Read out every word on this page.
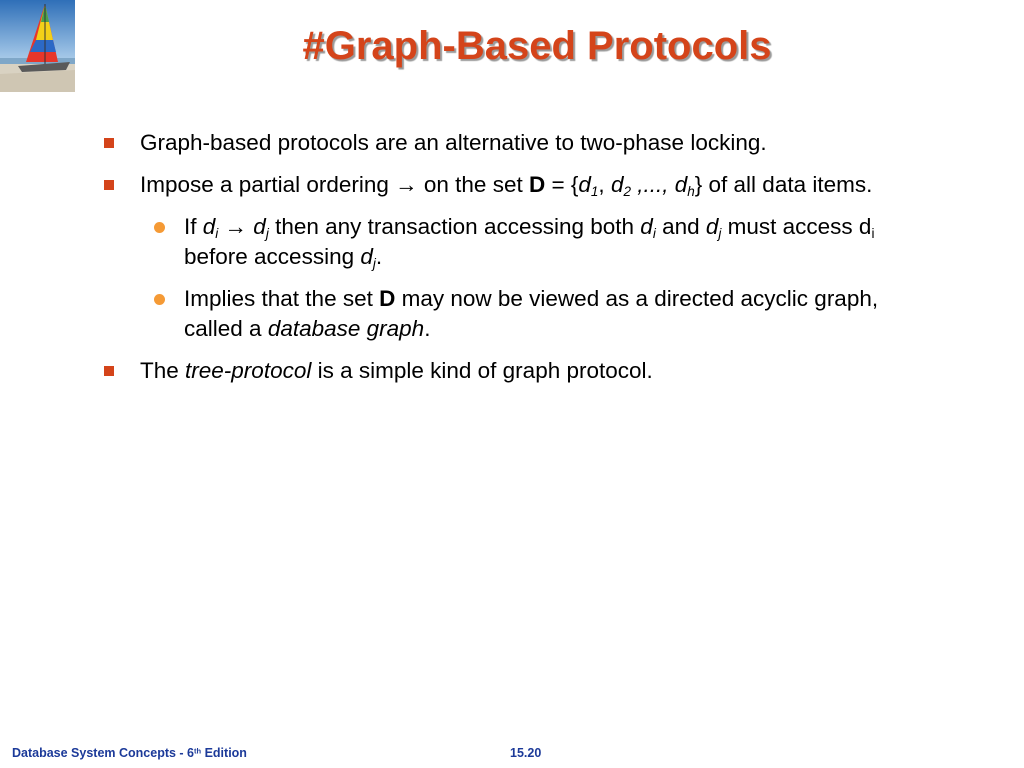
#Graph-Based Protocols
Graph-based protocols are an alternative to two-phase locking.
Impose a partial ordering → on the set $D = \{d_1$, $d_2$ ,..., $d_h$} of all data items.
If $d_i \to d_j$ then any transaction accessing both $d_i$ and $d_j$ must access $d_i$ before accessing $d_j$.
Implies that the set D may now be viewed as a directed acyclic graph, called a database graph.
The tree-protocol is a simple kind of graph protocol.
Database System Concepts - 6th Edition	15.20
